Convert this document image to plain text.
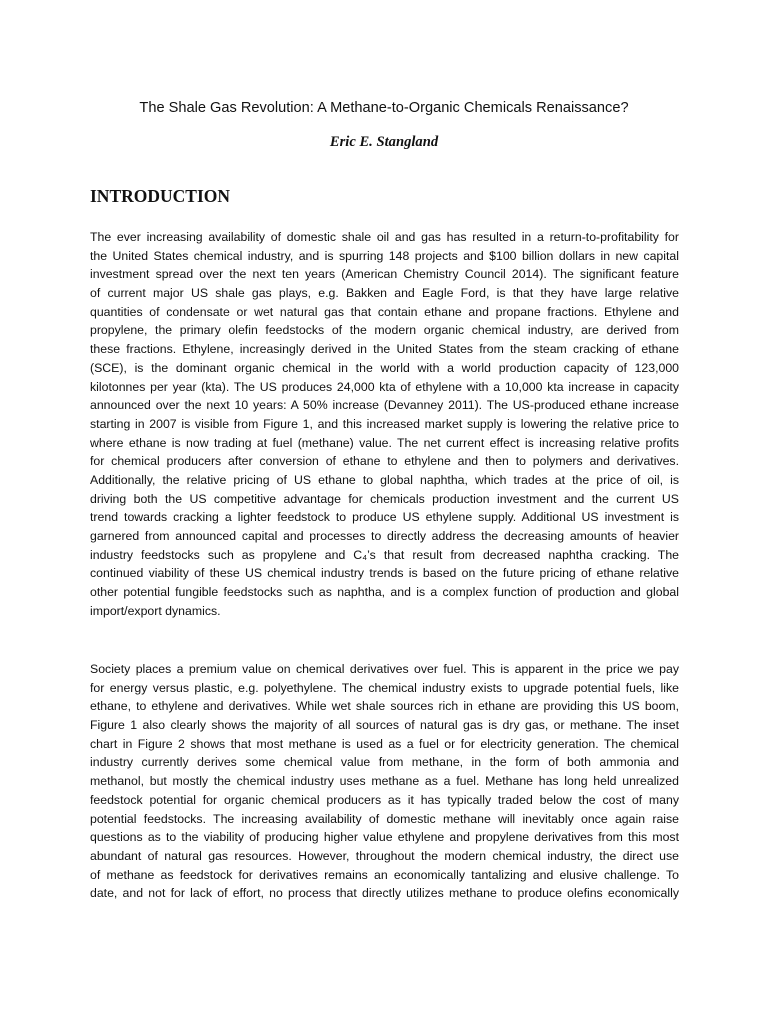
The Shale Gas Revolution: A Methane-to-Organic Chemicals Renaissance?
Eric E. Stangland
INTRODUCTION
The ever increasing availability of domestic shale oil and gas has resulted in a return-to-profitability for
the United States chemical industry, and is spurring 148 projects and $100 billion dollars in new capital
investment spread over the next ten years (American Chemistry Council 2014). The significant feature
of current major US shale gas plays, e.g. Bakken and Eagle Ford, is that they have large relative
quantities of condensate or wet natural gas that contain ethane and propane fractions. Ethylene and
propylene, the primary olefin feedstocks of the modern organic chemical industry, are derived from
these fractions. Ethylene, increasingly derived in the United States from the steam cracking of ethane
(SCE), is the dominant organic chemical in the world with a world production capacity of 123,000
kilotonnes per year (kta). The US produces 24,000 kta of ethylene with a 10,000 kta increase in capacity
announced over the next 10 years: A 50% increase (Devanney 2011). The US-produced ethane increase
starting in 2007 is visible from Figure 1, and this increased market supply is lowering the relative price to
where ethane is now trading at fuel (methane) value. The net current effect is increasing relative profits
for chemical producers after conversion of ethane to ethylene and then to polymers and derivatives.
Additionally, the relative pricing of US ethane to global naphtha, which trades at the price of oil, is
driving both the US competitive advantage for chemicals production investment and the current US
trend towards cracking a lighter feedstock to produce US ethylene supply. Additional US investment is
garnered from announced capital and processes to directly address the decreasing amounts of heavier
industry feedstocks such as propylene and C₄’s that result from decreased naphtha cracking. The
continued viability of these US chemical industry trends is based on the future pricing of ethane relative
other potential fungible feedstocks such as naphtha, and is a complex function of production and global
import/export dynamics.
Society places a premium value on chemical derivatives over fuel. This is apparent in the price we pay
for energy versus plastic, e.g. polyethylene. The chemical industry exists to upgrade potential fuels, like
ethane, to ethylene and derivatives. While wet shale sources rich in ethane are providing this US boom,
Figure 1 also clearly shows the majority of all sources of natural gas is dry gas, or methane. The inset
chart in Figure 2 shows that most methane is used as a fuel or for electricity generation. The chemical
industry currently derives some chemical value from methane, in the form of both ammonia and
methanol, but mostly the chemical industry uses methane as a fuel. Methane has long held unrealized
feedstock potential for organic chemical producers as it has typically traded below the cost of many
potential feedstocks. The increasing availability of domestic methane will inevitably once again raise
questions as to the viability of producing higher value ethylene and propylene derivatives from this most
abundant of natural gas resources. However, throughout the modern chemical industry, the direct use
of methane as feedstock for derivatives remains an economically tantalizing and elusive challenge. To
date, and not for lack of effort, no process that directly utilizes methane to produce olefins economically
